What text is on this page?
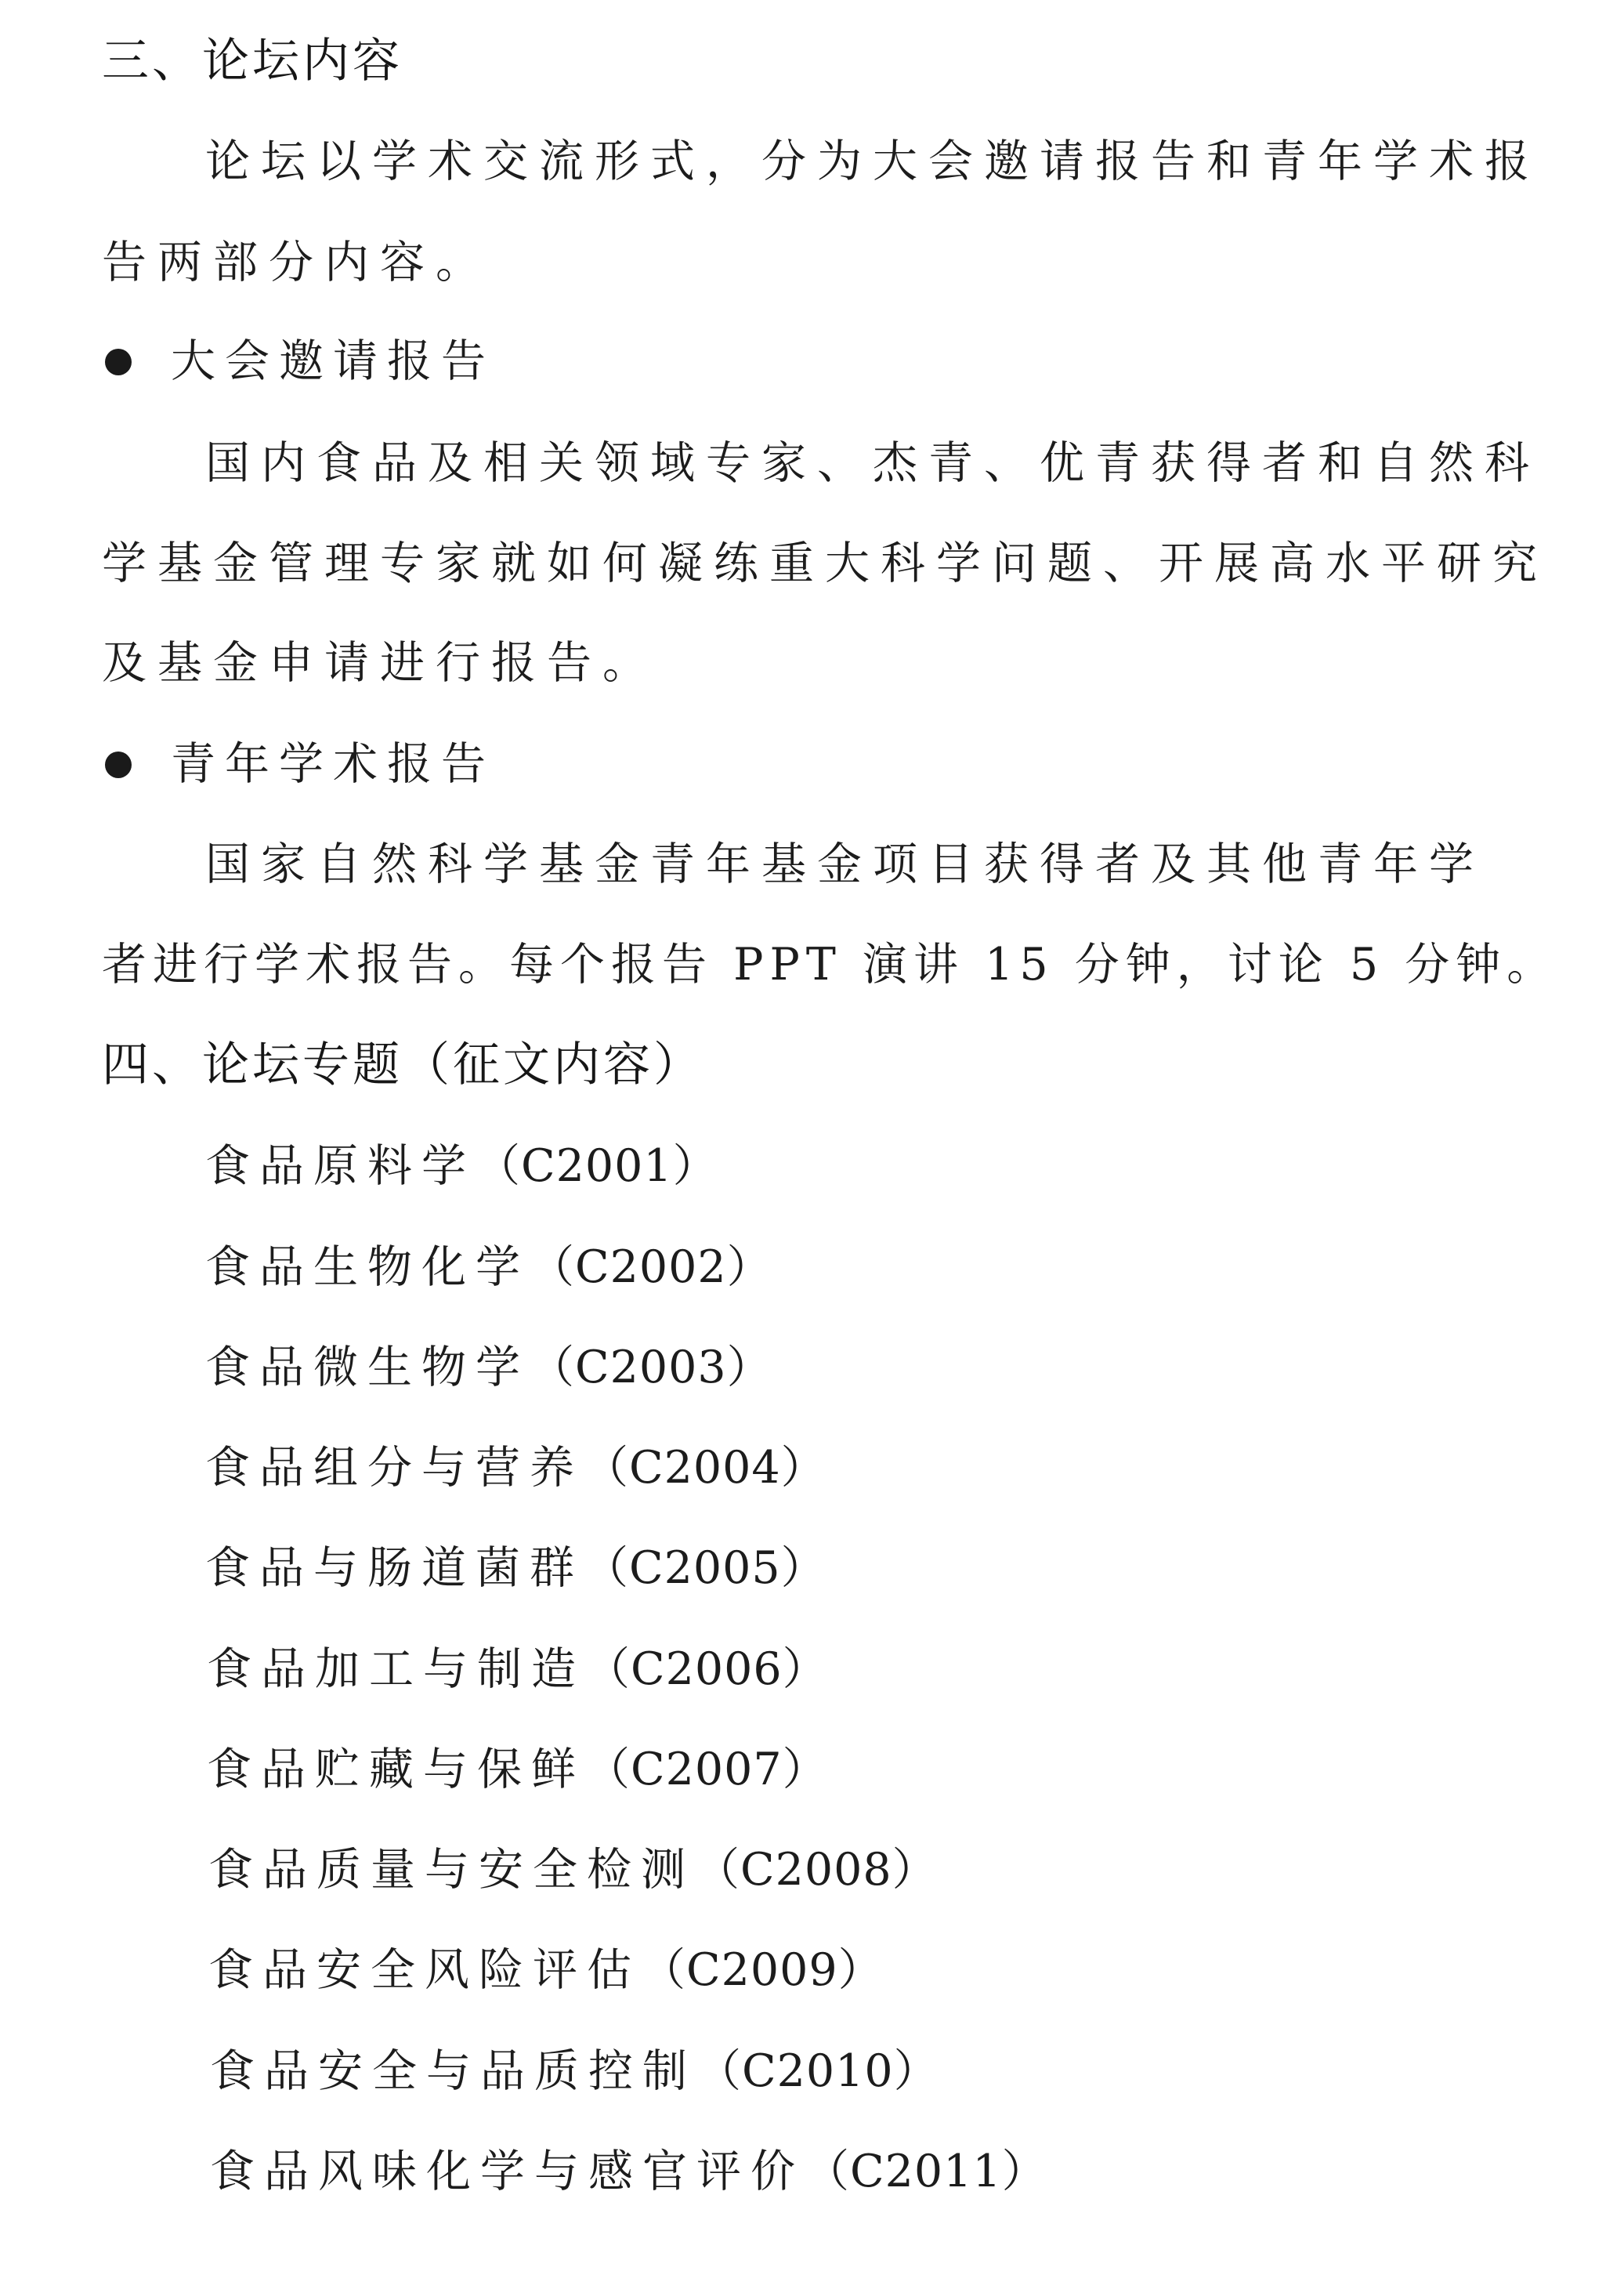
三、论坛内容
论坛以学术交流形式，分为大会邀请报告和青年学术报
告两部分内容。
大会邀请报告
国内食品及相关领域专家、杰青、优青获得者和自然科
学基金管理专家就如何凝练重大科学问题、开展高水平研究
及基金申请进行报告。
青年学术报告
国家自然科学基金青年基金项目获得者及其他青年学
者进行学术报告。每个报告 PPT 演讲 15 分钟，讨论 5 分钟。
四、论坛专题（征文内容）
食品原料学（C2001）
食品生物化学（C2002）
食品微生物学（C2003）
食品组分与营养（C2004）
食品与肠道菌群（C2005）
食品加工与制造（C2006）
食品贮藏与保鲜（C2007）
食品质量与安全检测（C2008）
食品安全风险评估（C2009）
食品安全与品质控制（C2010）
食品风味化学与感官评价（C2011）
